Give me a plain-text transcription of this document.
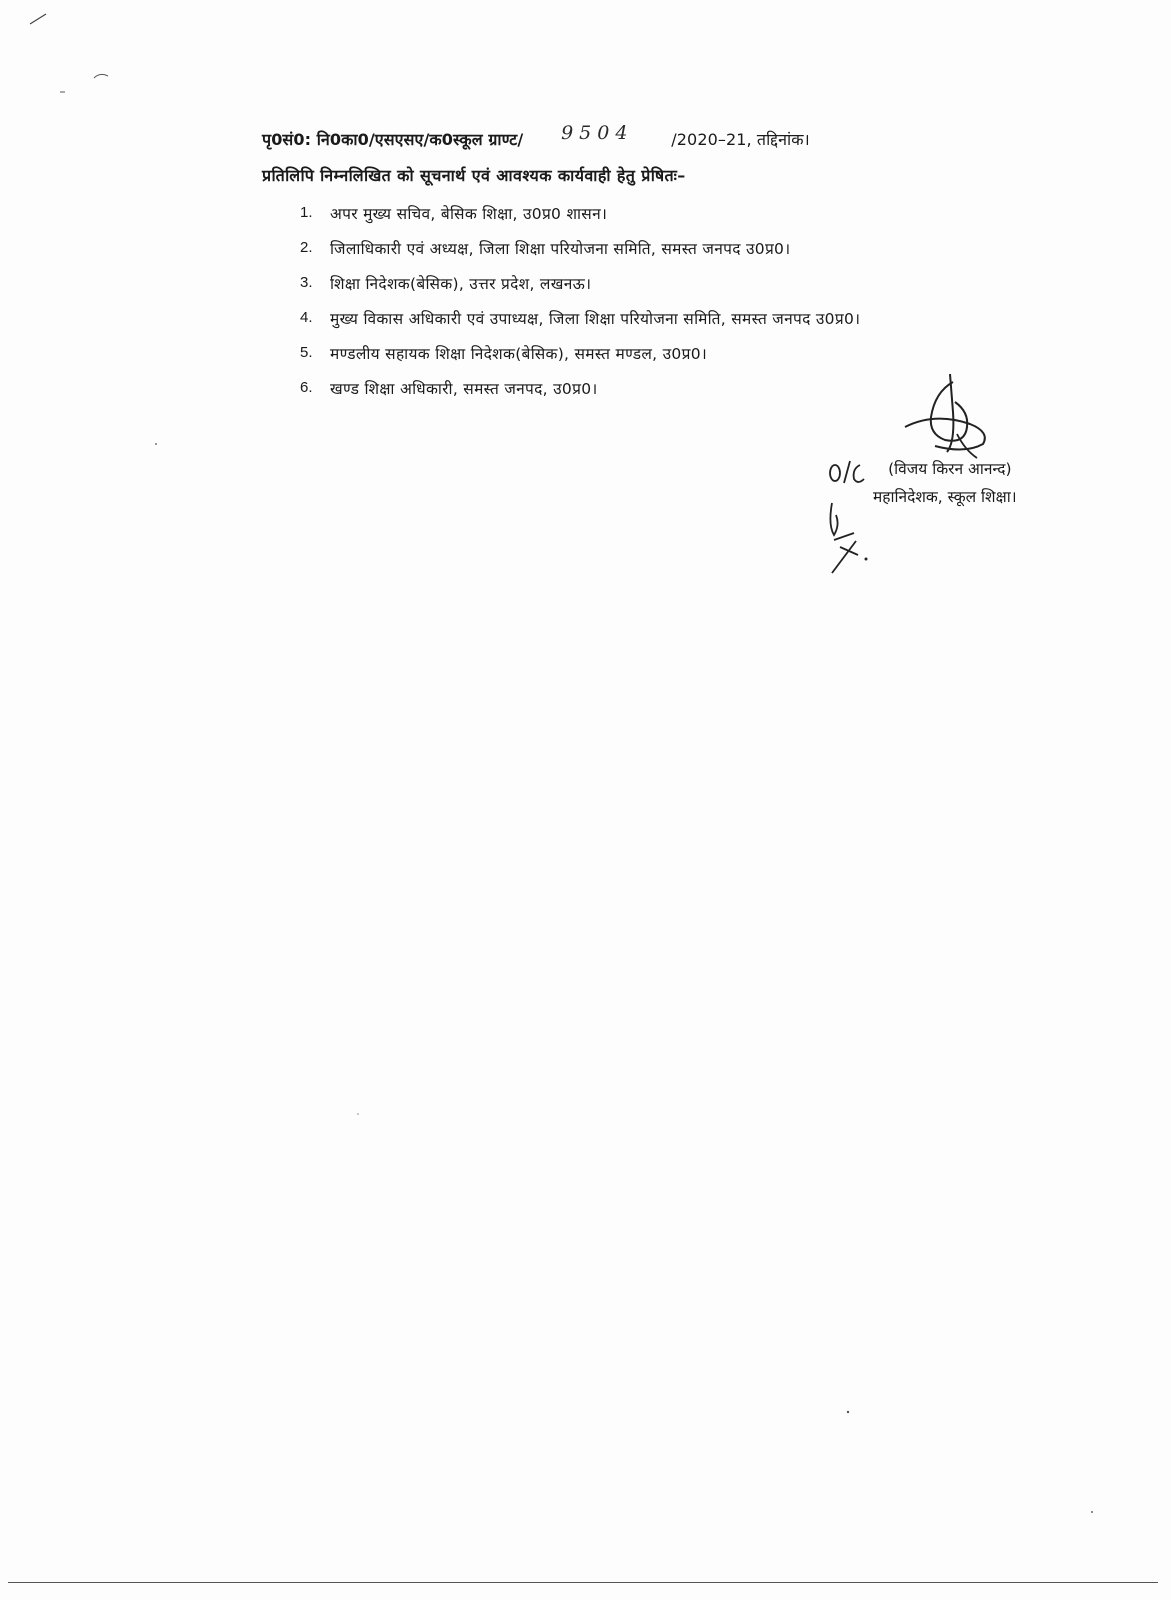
पृ0सं0: नि0का0/एसएसए/क0स्कूल ग्राण्ट/ 9504 /2020–21, तद्दिनांक।
प्रतिलिपि निम्नलिखित को सूचनार्थ एवं आवश्यक कार्यवाही हेतु प्रेषितः–
1.	अपर मुख्य सचिव, बेसिक शिक्षा, उ0प्र0 शासन।
2.	जिलाधिकारी एवं अध्यक्ष, जिला शिक्षा परियोजना समिति, समस्त जनपद उ0प्र0।
3.	शिक्षा निदेशक(बेसिक), उत्तर प्रदेश, लखनऊ।
4.	मुख्य विकास अधिकारी एवं उपाध्यक्ष, जिला शिक्षा परियोजना समिति, समस्त जनपद उ0प्र0।
5.	मण्डलीय सहायक शिक्षा निदेशक(बेसिक), समस्त मण्डल, उ0प्र0।
6.	खण्ड शिक्षा अधिकारी, समस्त जनपद, उ0प्र0।
(विजय किरन आनन्द)
महानिदेशक, स्कूल शिक्षा।
